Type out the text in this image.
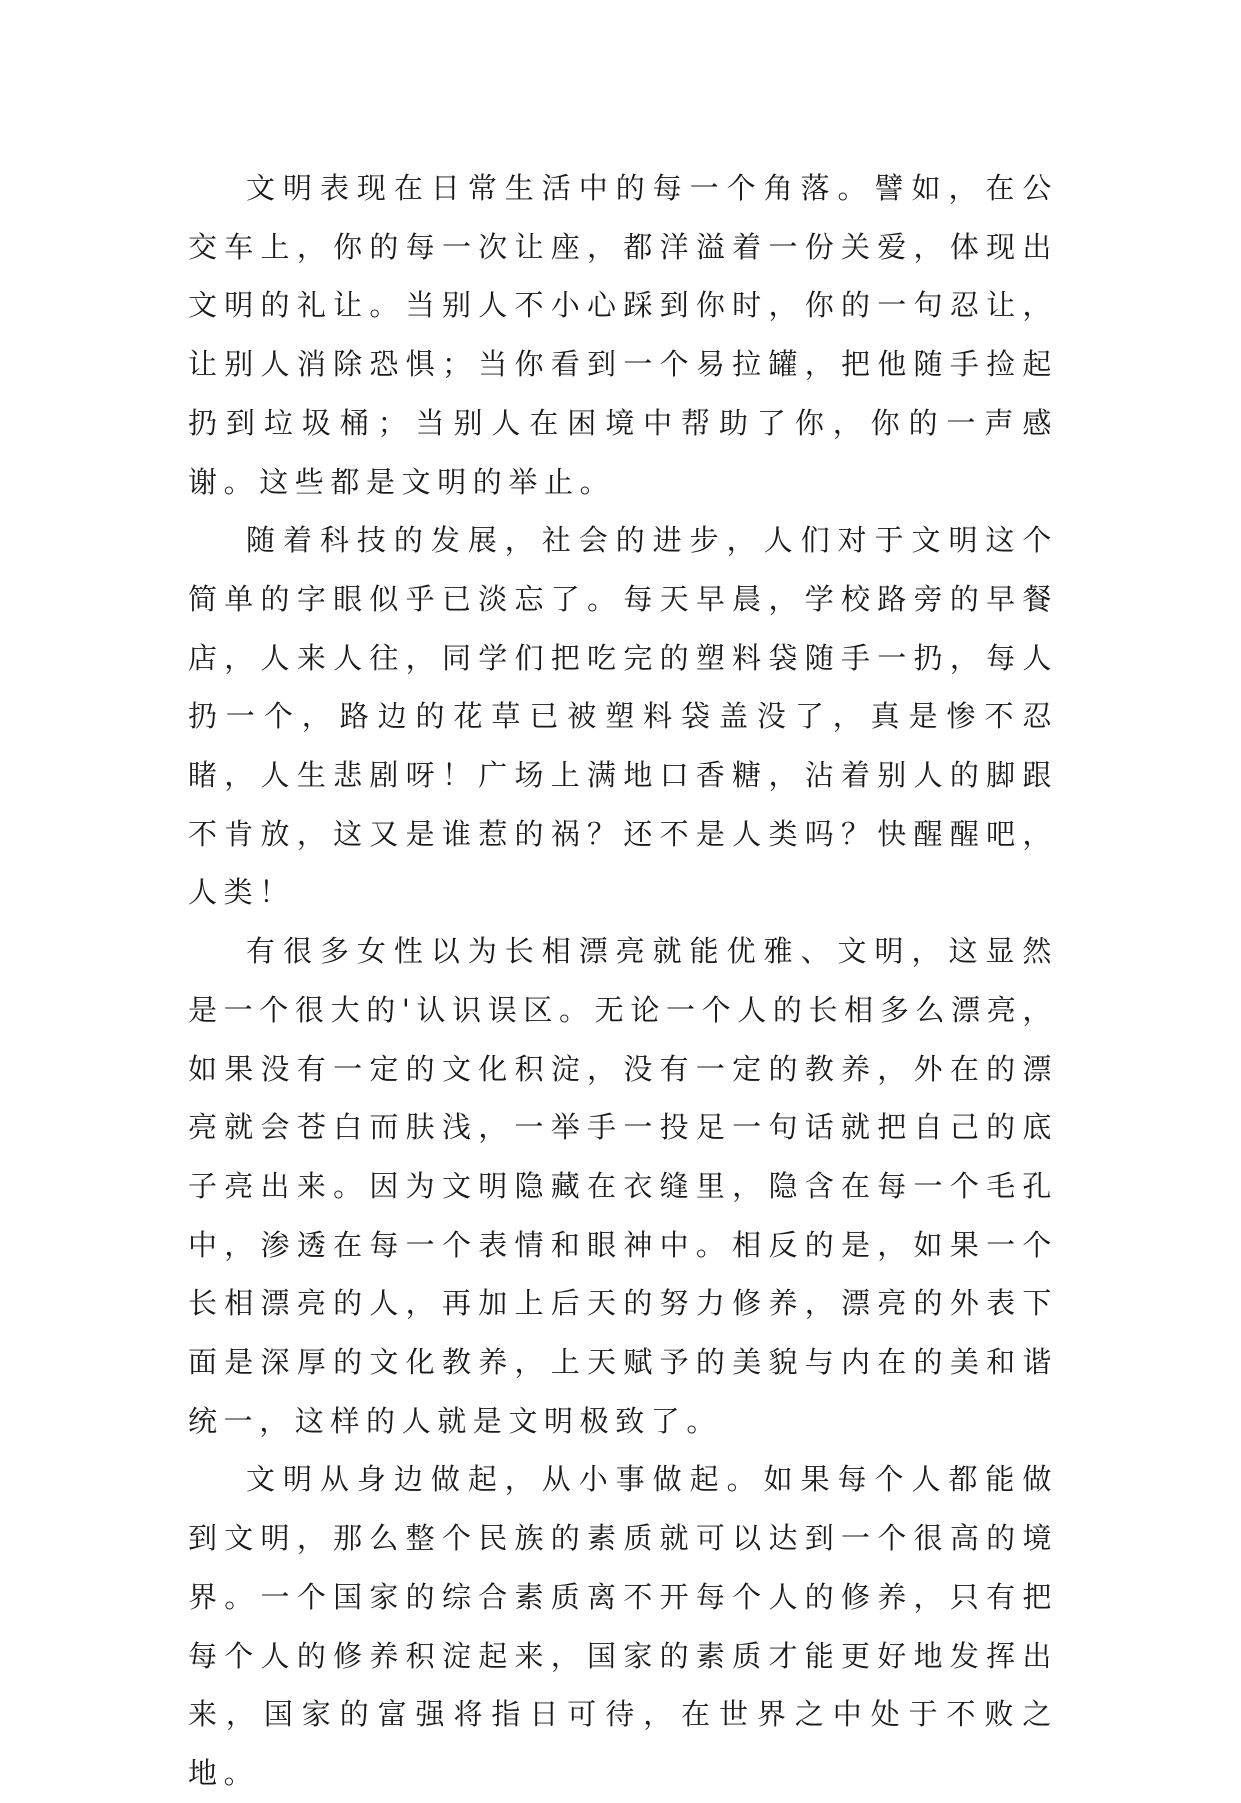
文明表现在日常生活中的每一个角落。譬如，在公交车上，你的每一次让座，都洋溢着一份关爱，体现出文明的礼让。当别人不小心踩到你时，你的一句忍让，让别人消除恐惧；当你看到一个易拉罐，把他随手捡起扔到垃圾桶；当别人在困境中帮助了你，你的一声感谢。这些都是文明的举止。

随着科技的发展，社会的进步，人们对于文明这个简单的字眼似乎已淡忘了。每天早晨，学校路旁的早餐店，人来人往，同学们把吃完的塑料袋随手一扔，每人扔一个，路边的花草已被塑料袋盖没了，真是惨不忍睹，人生悲剧呀！广场上满地口香糖，沾着别人的脚跟不肯放，这又是谁惹的祸？还不是人类吗？快醒醒吧，人类！

有很多女性以为长相漂亮就能优雅、文明，这显然是一个很大的'认识误区。无论一个人的长相多么漂亮，如果没有一定的文化积淀，没有一定的教养，外在的漂亮就会苍白而肤浅，一举手一投足一句话就把自己的底子亮出来。因为文明隐藏在衣缝里，隐含在每一个毛孔中，渗透在每一个表情和眼神中。相反的是，如果一个长相漂亮的人，再加上后天的努力修养，漂亮的外表下面是深厚的文化教养，上天赋予的美貌与内在的美和谐统一，这样的人就是文明极致了。

文明从身边做起，从小事做起。如果每个人都能做到文明，那么整个民族的素质就可以达到一个很高的境界。一个国家的综合素质离不开每个人的修养，只有把每个人的修养积淀起来，国家的素质才能更好地发挥出来，国家的富强将指日可待，在世界之中处于不败之地。
